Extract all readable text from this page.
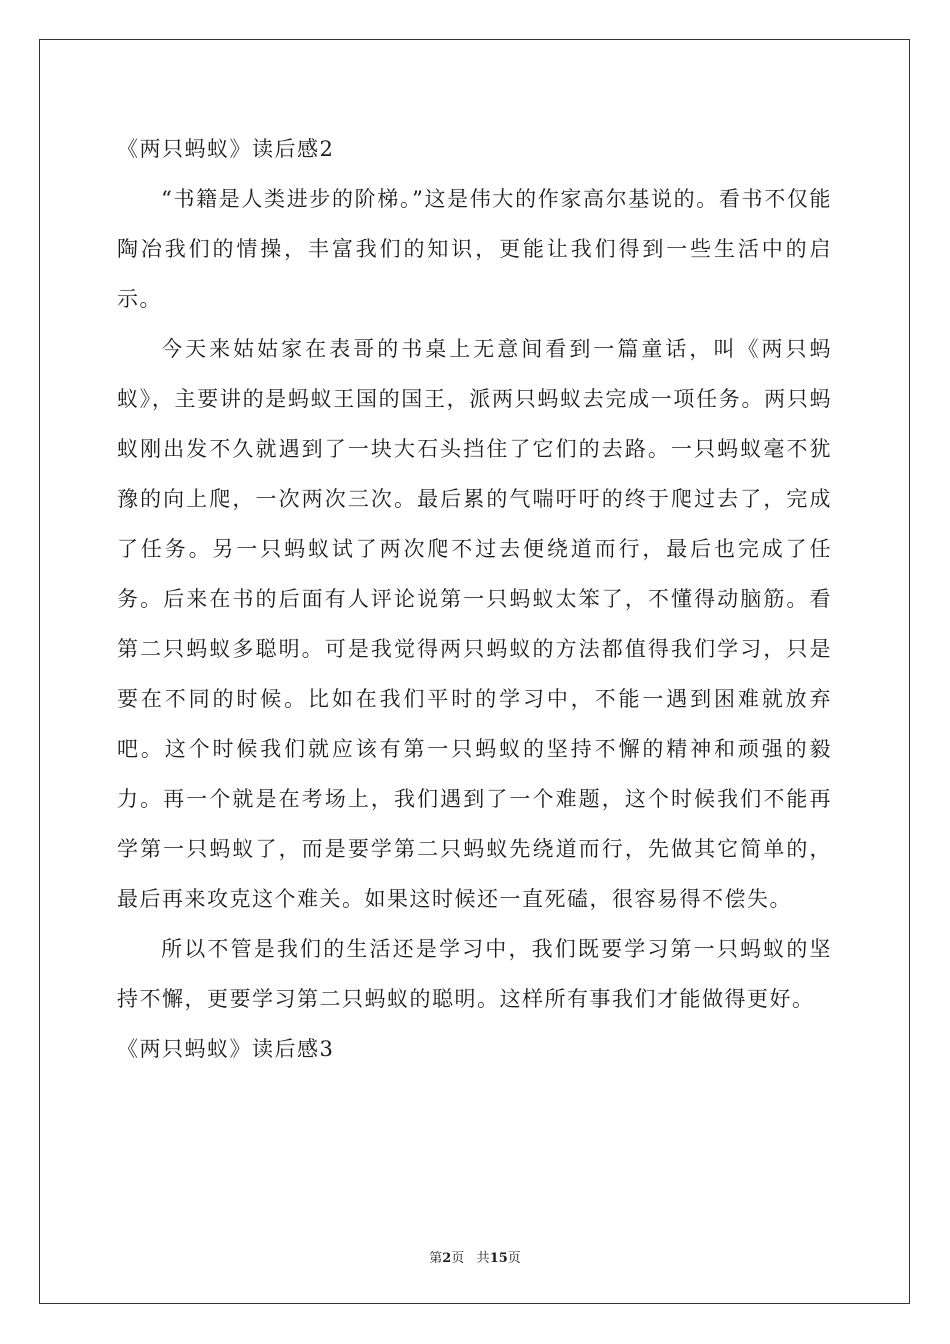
《两只蚂蚁》读后感2

“书籍是人类进步的阶梯。”这是伟大的作家高尔基说的。看书不仅能陶冶我们的情操，丰富我们的知识，更能让我们得到一些生活中的启示。

今天来姑姑家在表哥的书桌上无意间看到一篇童话，叫《两只蚂蚁》，主要讲的是蚂蚁王国的国王，派两只蚂蚁去完成一项任务。两只蚂蚁刚出发不久就遇到了一块大石头挡住了它们的去路。一只蚂蚁毫不犹豫的向上爬，一次两次三次。最后累的气喘吁吁的终于爬过去了，完成了任务。另一只蚂蚁试了两次爬不过去便绕道而行，最后也完成了任务。后来在书的后面有人评论说第一只蚂蚁太笨了，不懂得动脑筋。看第二只蚂蚁多聪明。可是我觉得两只蚂蚁的方法都值得我们学习，只是要在不同的时候。比如在我们平时的学习中，不能一遇到困难就放弃吧。这个时候我们就应该有第一只蚂蚁的坚持不懈的精神和顽强的毅力。再一个就是在考场上，我们遇到了一个难题，这个时候我们不能再学第一只蚂蚁了，而是要学第二只蚂蚁先绕道而行，先做其它简单的，最后再来攻克这个难关。如果这时候还一直死磕，很容易得不偿失。

所以不管是我们的生活还是学习中，我们既要学习第一只蚂蚁的坚持不懈，更要学习第二只蚂蚁的聪明。这样所有事我们才能做得更好。

《两只蚂蚁》读后感3
第2页 共15页
